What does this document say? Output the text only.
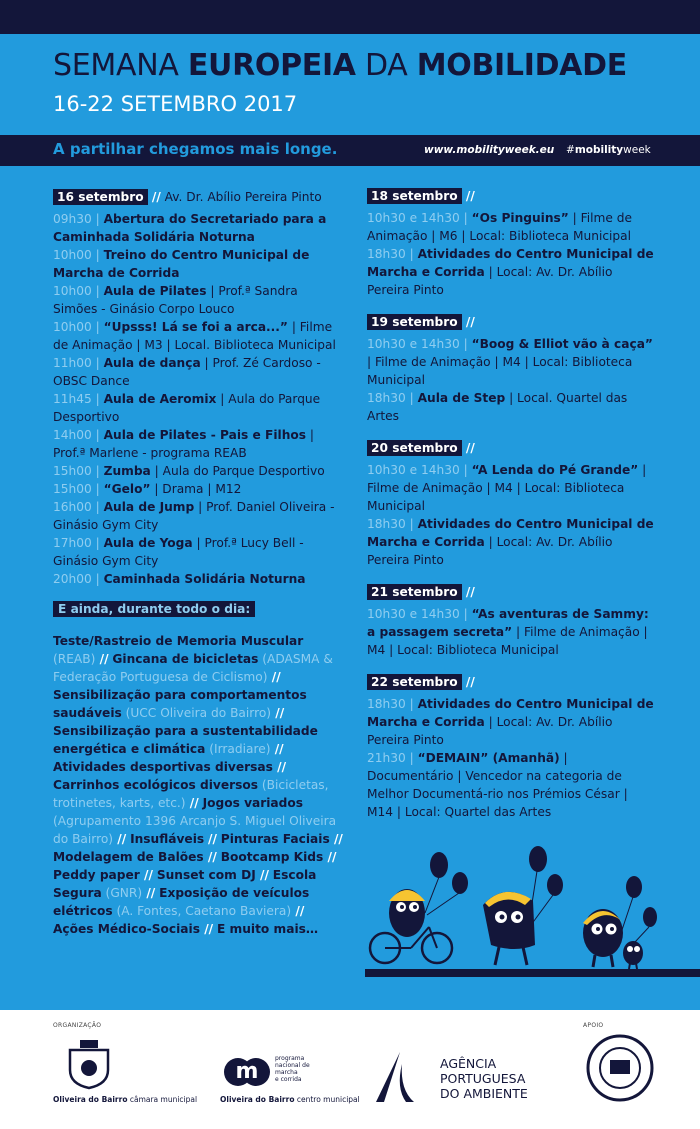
SEMANA EUROPEIA DA MOBILIDADE
16-22 SETEMBRO 2017
A partilhar chegamos mais longe.	www.mobilityweek.eu #mobilityweek
16 setembro // Av. Dr. Abílio Pereira Pinto
09h30 | Abertura do Secretariado para a Caminhada Solidária Noturna
10h00 | Treino do Centro Municipal de Marcha de Corrida
10h00 | Aula de Pilates | Prof.ª Sandra Simões - Ginásio Corpo Louco
10h00 | “Upsss! Lá se foi a arca...” | Filme de Animação | M3 | Local. Biblioteca Municipal
11h00 | Aula de dança | Prof. Zé Cardoso - OBSC Dance
11h45 | Aula de Aeromix | Aula do Parque Desportivo
14h00 | Aula de Pilates - Pais e Filhos | Prof.ª Marlene - programa REAB
15h00 | Zumba | Aula do Parque Desportivo
15h00 | “Gelo” | Drama | M12
16h00 | Aula de Jump | Prof. Daniel Oliveira - Ginásio Gym City
17h00 | Aula de Yoga | Prof.ª Lucy Bell - Ginásio Gym City
20h00 | Caminhada Solidária Noturna
E ainda, durante todo o dia:
Teste/Rastreio de Memoria Muscular (REAB) // Gincana de bicicletas (ADASMA & Federação Portuguesa de Ciclismo) // Sensibilização para comportamentos saudáveis (UCC Oliveira do Bairro) // Sensibilização para a sustentabilidade energética e climática (Irradiare) // Atividades desportivas diversas // Carrinhos ecológicos diversos (Bicicletas, trotinetes, karts, etc.) // Jogos variados (Agrupamento 1396 Arcanjo S. Miguel Oliveira do Bairro) // Insufláveis // Pinturas Faciais // Modelagem de Balões // Bootcamp Kids // Peddy paper // Sunset com DJ // Escola Segura (GNR) // Exposição de veículos elétricos (A. Fontes, Caetano Baviera) // Ações Médico-Sociais // E muito mais…
18 setembro //
10h30 e 14h30 | “Os Pinguins” | Filme de Animação | M6 | Local: Biblioteca Municipal
18h30 | Atividades do Centro Municipal de Marcha e Corrida | Local: Av. Dr. Abílio Pereira Pinto
19 setembro //
10h30 e 14h30 | “Boog & Elliot vão à caça” | Filme de Animação | M4 | Local: Biblioteca Municipal
18h30 | Aula de Step | Local. Quartel das Artes
20 setembro //
10h30 e 14h30 | “A Lenda do Pé Grande” | Filme de Animação | M4 | Local: Biblioteca Municipal
18h30 | Atividades do Centro Municipal de Marcha e Corrida | Local: Av. Dr. Abílio Pereira Pinto
21 setembro //
10h30 e 14h30 | “As aventuras de Sammy: a passagem secreta” | Filme de Animação | M4 | Local: Biblioteca Municipal
22 setembro //
18h30 | Atividades do Centro Municipal de Marcha e Corrida | Local: Av. Dr. Abílio Pereira Pinto
21h30 | “DEMAIN” (Amanhã) | Documentário | Vencedor na categoria de Melhor Documentá-rio nos Prémios César | M14 | Local: Quartel das Artes
ORGANIZAÇÃO	APOIO
Oliveira do Bairro câmara municipal
m
programa
nacional de
marcha
e corrida
Oliveira do Bairro centro municipal
AGÊNCIA
PORTUGUESA
DO AMBIENTE
